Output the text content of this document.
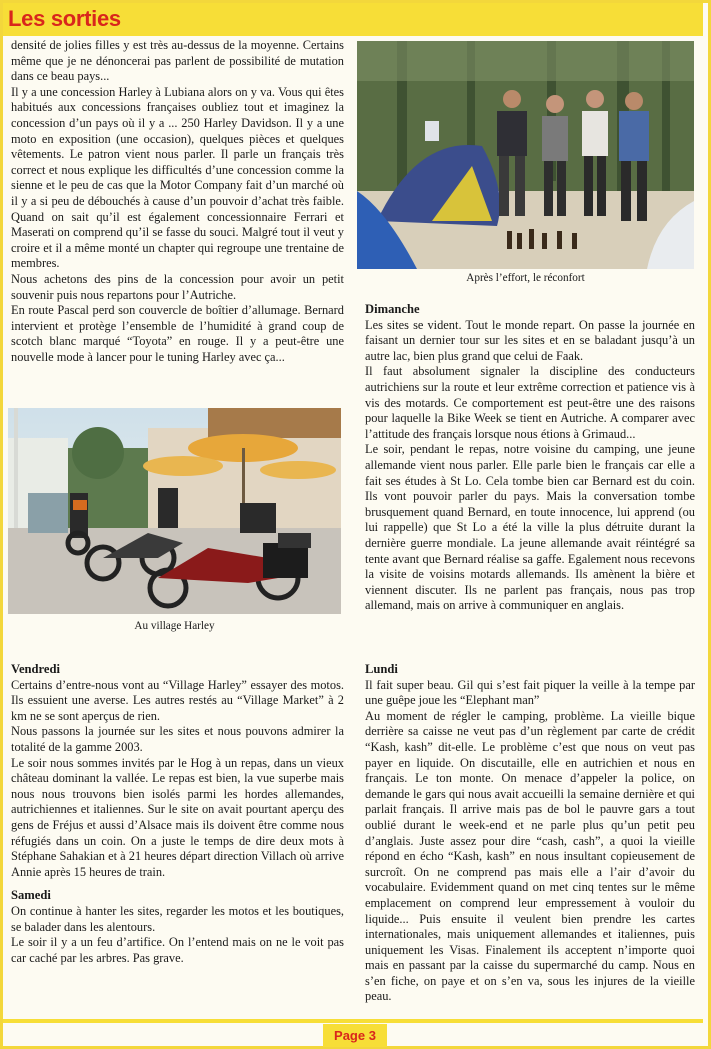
Les sorties

densité de jolies filles y est très au-dessus de la moyenne. Certains même que je ne dénoncerai pas parlent de possibilité de mutation dans ce beau pays...

Il y a une concession Harley à Lubiana alors on y va. Vous qui êtes habitués aux concessions françaises oubliez tout et imaginez la concession d’un pays où il y a ... 250 Harley Davidson. Il y a une moto en exposition (une occasion), quelques pièces et quelques vêtements. Le patron vient nous parler. Il parle un français très correct et nous explique les difficultés d’une concession comme la sienne et le peu de cas que la Motor Company fait d’un marché où il y a si peu de débouchés à cause d’un pouvoir d’achat très faible. Quand on sait qu’il est également concessionnaire Ferrari et Maserati on comprend qu’il se fasse du souci. Malgré tout il veut y croire et il a même monté un chapter qui regroupe une trentaine de membres.

Nous achetons des pins de la concession pour avoir un petit souvenir puis nous repartons pour l’Autriche.

En route Pascal perd son couvercle de boîtier d’allumage. Bernard intervient et protège l’ensemble de l’humidité à grand coup de scotch blanc marqué “Toyota” en rouge. Il y a peut-être une nouvelle mode à lancer pour le tuning Harley avec ça...

Au village Harley

Vendredi

Certains d’entre-nous vont au “Village Harley” essayer des motos. Ils essuient une averse. Les autres restés au “Village Market” à 2 km ne se sont aperçus de rien.

Nous passons la journée sur les sites et nous pouvons admirer la totalité de la gamme 2003.

Le soir nous sommes invités par le Hog à un repas, dans un vieux château dominant la vallée. Le repas est bien, la vue superbe mais nous nous trouvons bien isolés parmi les hordes allemandes, autrichiennes et italiennes. Sur le site on avait pourtant aperçu des gens de Fréjus et aussi d’Alsace mais ils doivent être comme nous réfugiés dans un coin. On a juste le temps de dire deux mots à Stéphane Sahakian et à 21 heures départ direction Villach où arrive Annie après 15 heures de train.

Samedi

On continue à hanter les sites, regarder les motos et les boutiques, se balader dans les alentours.

Le soir il y a un feu d’artifice. On l’entend mais on ne le voit pas car caché par les arbres. Pas grave.

Après l’effort, le réconfort

Dimanche

Les sites se vident. Tout le monde repart. On passe la journée en faisant un dernier tour sur les sites et en se baladant jusqu’à un autre lac, bien plus grand que celui de Faak.

Il faut absolument signaler la discipline des conducteurs autrichiens sur la route et leur extrême correction et patience vis à vis des motards. Ce comportement est peut-être une des raisons pour laquelle la Bike Week se tient en Autriche. A comparer avec l’attitude des français lorsque nous étions à Grimaud...

Le soir, pendant le repas, notre voisine du camping, une jeune allemande vient nous parler. Elle parle bien le français car elle a fait ses études à St Lo. Cela tombe bien car Bernard est du coin. Ils vont pouvoir parler du pays. Mais la conversation tombe brusquement quand Bernard, en toute innocence, lui apprend (ou lui rappelle) que St Lo a été la ville la plus détruite durant la dernière guerre mondiale. La jeune allemande avait réintégré sa tente avant que Bernard réalise sa gaffe. Egalement nous recevons la visite de voisins motards allemands. Ils amènent la bière et viennent discuter. Ils ne parlent pas français, nous pas trop allemand, mais on arrive à communiquer en anglais.

Lundi

Il fait super beau. Gil qui s’est fait piquer la veille à la tempe par une guêpe joue les “Elephant man”

Au moment de régler le camping, problème. La vieille bique derrière sa caisse ne veut pas d’un règlement par carte de crédit “Kash, kash” dit-elle. Le problème c’est que nous on veut pas payer en liquide. On discutaille, elle en autrichien et nous en français. Le ton monte. On menace d’appeler la police, on demande le gars qui nous avait accueilli la semaine dernière et qui parlait français. Il arrive mais pas de bol le pauvre gars a tout oublié durant le week-end et ne parle plus qu’un petit peu d’anglais. Juste assez pour dire “cash, cash”, a quoi la vieille répond en écho “Kash, kash” en nous insultant copieusement de surcroît. On ne comprend pas mais elle a l’air d’avoir du vocabulaire. Evidemment quand on met cinq tentes sur le même emplacement on comprend leur empressement à vouloir du liquide... Puis ensuite il veulent bien prendre les cartes internationales, mais uniquement allemandes et italiennes, puis uniquement les Visas. Finalement ils acceptent n’importe quoi mais en passant par la caisse du supermarché du camp. Nous en s’en fiche, on paye et on s’en va, sous les injures de la vieille peau.

Page 3
